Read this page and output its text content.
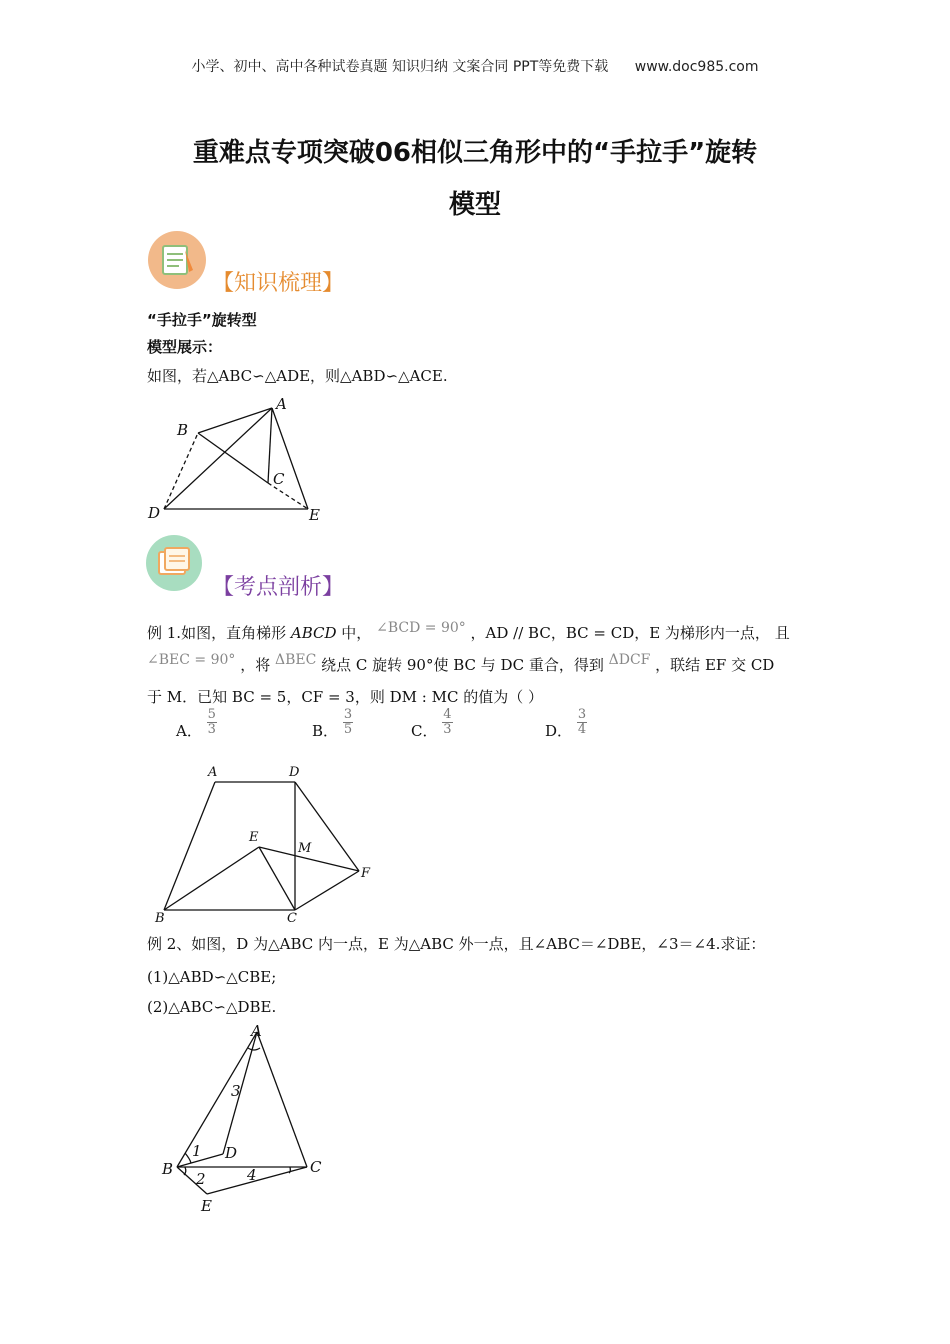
小学、初中、高中各种试卷真题 知识归纳 文案合同 PPT等免费下载 www.doc985.com
重难点专项突破06相似三角形中的“手拉手”旋转
模型
【知识梳理】
“手拉手”旋转型
模型展示：
如图，若△ABC∽△ADE，则△ABD∽△ACE.
A
B
C
D	E
【考点剖析】
例 1.如图，直角梯形 ABCD 中， ∠BCD = 90° ，AD // BC，BC = CD，E 为梯形内一点， 且
∠BEC = 90° ，将 ΔBEC 绕点 C 旋转 90°使 BC 与 DC 重合，得到 ΔDCF ，联结 EF 交 CD
于 M．已知 BC = 5，CF = 3，则 DM : MC 的值为（ ）
A． $\frac{5}{3}$	B． $\frac{3}{5}$	C． $\frac{4}{3}$	D． $\frac{3}{4}$
A	D
E
M
F
B	C
例 2、如图，D 为△ABC 内一点，E 为△ABC 外一点，且∠ABC＝∠DBE，∠3＝∠4.求证：
(1)△ABD∽△CBE;
(2)△ABC∽△DBE.
A
3
1 D
B
2	4	C
E
